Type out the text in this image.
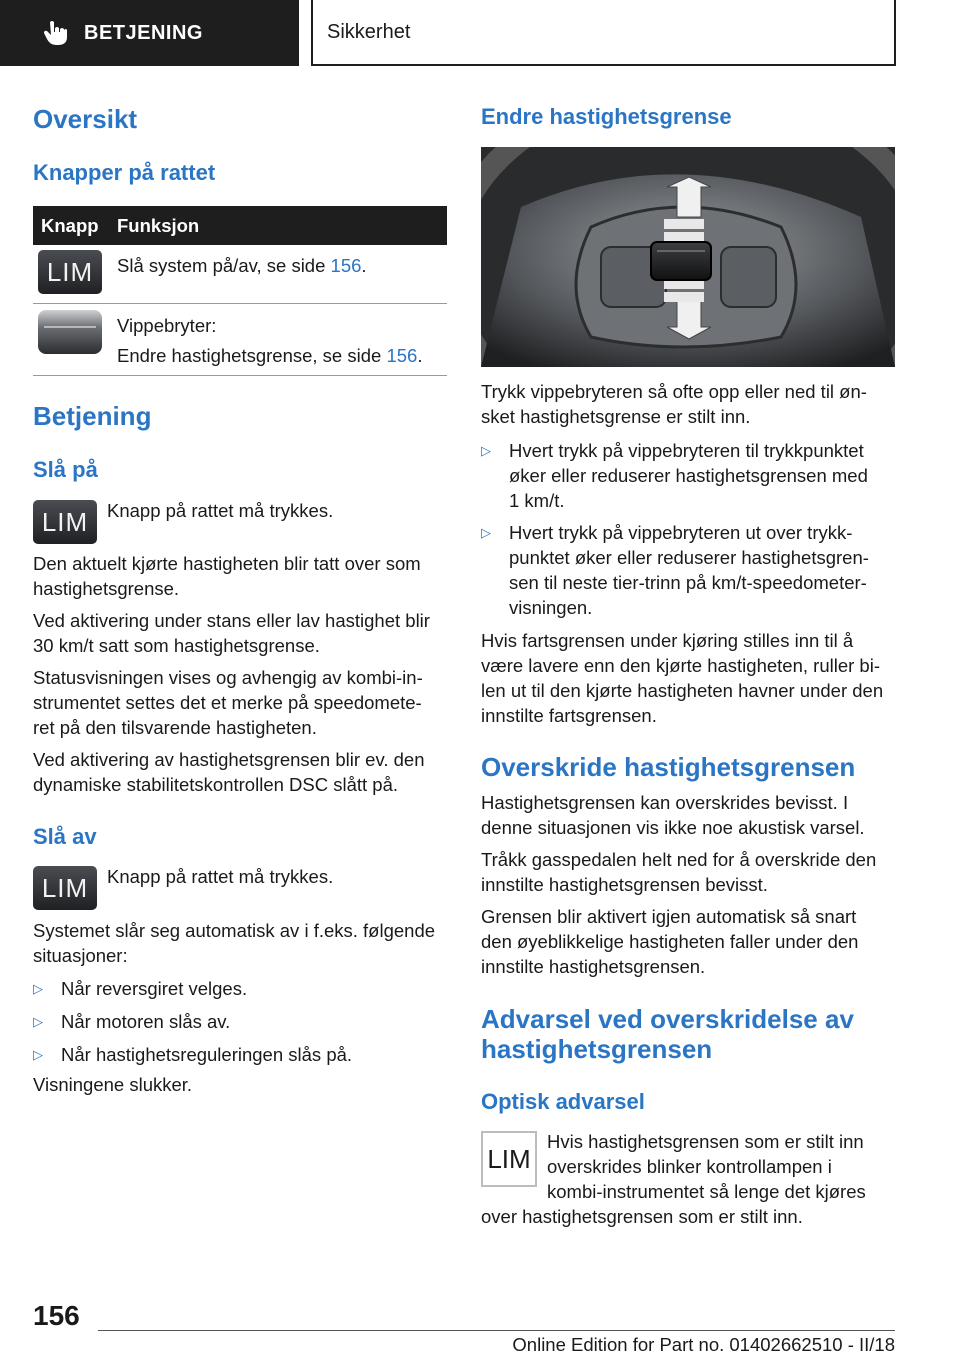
BETJENING	Sikkerhet
Oversikt
Knapper på rattet
Knapp Funksjon
LIM Slå system på/av, se side 156.
Vippebryter:
Endre hastighetsgrense, se side 156.
Betjening
Slå på
LIM Knapp på rattet må trykkes.
Den aktuelt kjørte hastigheten blir tatt over som
hastighetsgrense.
Ved aktivering under stans eller lav hastighet blir
30 km/t satt som hastighetsgrense.
Statusvisningen vises og avhengig av kombi-in-
strumentet settes det et merke på speedomete-
ret på den tilsvarende hastigheten.
Ved aktivering av hastighetsgrensen blir ev. den
dynamiske stabilitetskontrollen DSC slått på.
Slå av
LIM Knapp på rattet må trykkes.
Systemet slår seg automatisk av i f.eks. følgende
situasjoner:
▷ Når reversgiret velges.
▷ Når motoren slås av.
▷ Når hastighetsreguleringen slås på.
Visningene slukker.
Endre hastighetsgrense
Trykk vippebryteren så ofte opp eller ned til øn-
sket hastighetsgrense er stilt inn.
▷ Hvert trykk på vippebryteren til trykkpunktet
øker eller reduserer hastighetsgrensen med
1 km/t.
▷ Hvert trykk på vippebryteren ut over trykk-
punktet øker eller reduserer hastighetsgren-
sen til neste tier-trinn på km/t-speedometer-
visningen.
Hvis fartsgrensen under kjøring stilles inn til å
være lavere enn den kjørte hastigheten, ruller bi-
len ut til den kjørte hastigheten havner under den
innstilte fartsgrensen.
Overskride hastighetsgrensen
Hastighetsgrensen kan overskrides bevisst. I
denne situasjonen vis ikke noe akustisk varsel.
Tråkk gasspedalen helt ned for å overskride den
innstilte hastighetsgrensen bevisst.
Grensen blir aktivert igjen automatisk så snart
den øyeblikkelige hastigheten faller under den
innstilte hastighetsgrensen.
Advarsel ved overskridelse av
hastighetsgrensen
Optisk advarsel
LIM
Hvis hastighetsgrensen som er stilt inn
overskrides blinker kontrollampen i
kombi-instrumentet så lenge det kjøres
over hastighetsgrensen som er stilt inn.
156
Online Edition for Part no. 01402662510 - II/18
